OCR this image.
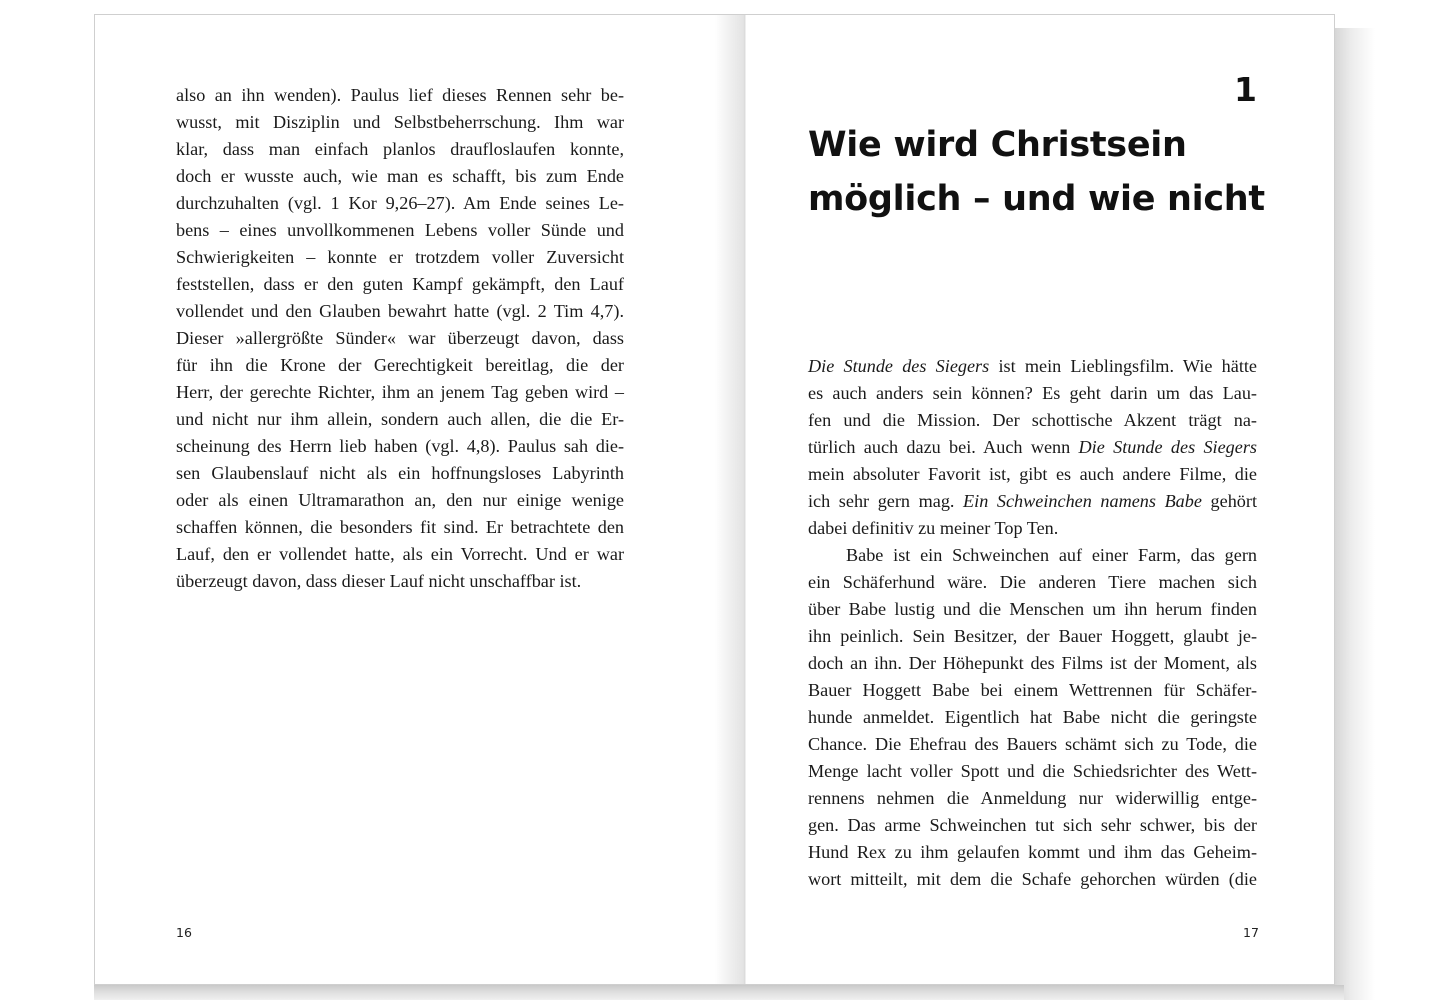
also an ihn wenden). Paulus lief dieses Rennen sehr be-
wusst, mit Disziplin und Selbstbeherrschung. Ihm war
klar, dass man einfach planlos draufloslaufen konnte,
doch er wusste auch, wie man es schafft, bis zum Ende
durchzuhalten (vgl. 1 Kor 9,26–27). Am Ende seines Le-
bens – eines unvollkommenen Lebens voller Sünde und
Schwierigkeiten – konnte er trotzdem voller Zuversicht
feststellen, dass er den guten Kampf gekämpft, den Lauf
vollendet und den Glauben bewahrt hatte (vgl. 2 Tim 4,7).
Dieser »allergrößte Sünder« war überzeugt davon, dass
für ihn die Krone der Gerechtigkeit bereitlag, die der
Herr, der gerechte Richter, ihm an jenem Tag geben wird –
und nicht nur ihm allein, sondern auch allen, die die Er-
scheinung des Herrn lieb haben (vgl. 4,8). Paulus sah die-
sen Glaubenslauf nicht als ein hoffnungsloses Labyrinth
oder als einen Ultramarathon an, den nur einige wenige
schaffen können, die besonders fit sind. Er betrachtete den
Lauf, den er vollendet hatte, als ein Vorrecht. Und er war
überzeugt davon, dass dieser Lauf nicht unschaffbar ist.
16
1
Wie wird Christsein
möglich – und wie nicht
Die Stunde des Siegers ist mein Lieblingsfilm. Wie hätte
es auch anders sein können? Es geht darin um das Lau-
fen und die Mission. Der schottische Akzent trägt na-
türlich auch dazu bei. Auch wenn Die Stunde des Siegers
mein absoluter Favorit ist, gibt es auch andere Filme, die
ich sehr gern mag. Ein Schweinchen namens Babe gehört
dabei definitiv zu meiner Top Ten.
Babe ist ein Schweinchen auf einer Farm, das gern
ein Schäferhund wäre. Die anderen Tiere machen sich
über Babe lustig und die Menschen um ihn herum finden
ihn peinlich. Sein Besitzer, der Bauer Hoggett, glaubt je-
doch an ihn. Der Höhepunkt des Films ist der Moment, als
Bauer Hoggett Babe bei einem Wettrennen für Schäfer-
hunde anmeldet. Eigentlich hat Babe nicht die geringste
Chance. Die Ehefrau des Bauers schämt sich zu Tode, die
Menge lacht voller Spott und die Schiedsrichter des Wett-
rennens nehmen die Anmeldung nur widerwillig entge-
gen. Das arme Schweinchen tut sich sehr schwer, bis der
Hund Rex zu ihm gelaufen kommt und ihm das Geheim-
wort mitteilt, mit dem die Schafe gehorchen würden (die
17
